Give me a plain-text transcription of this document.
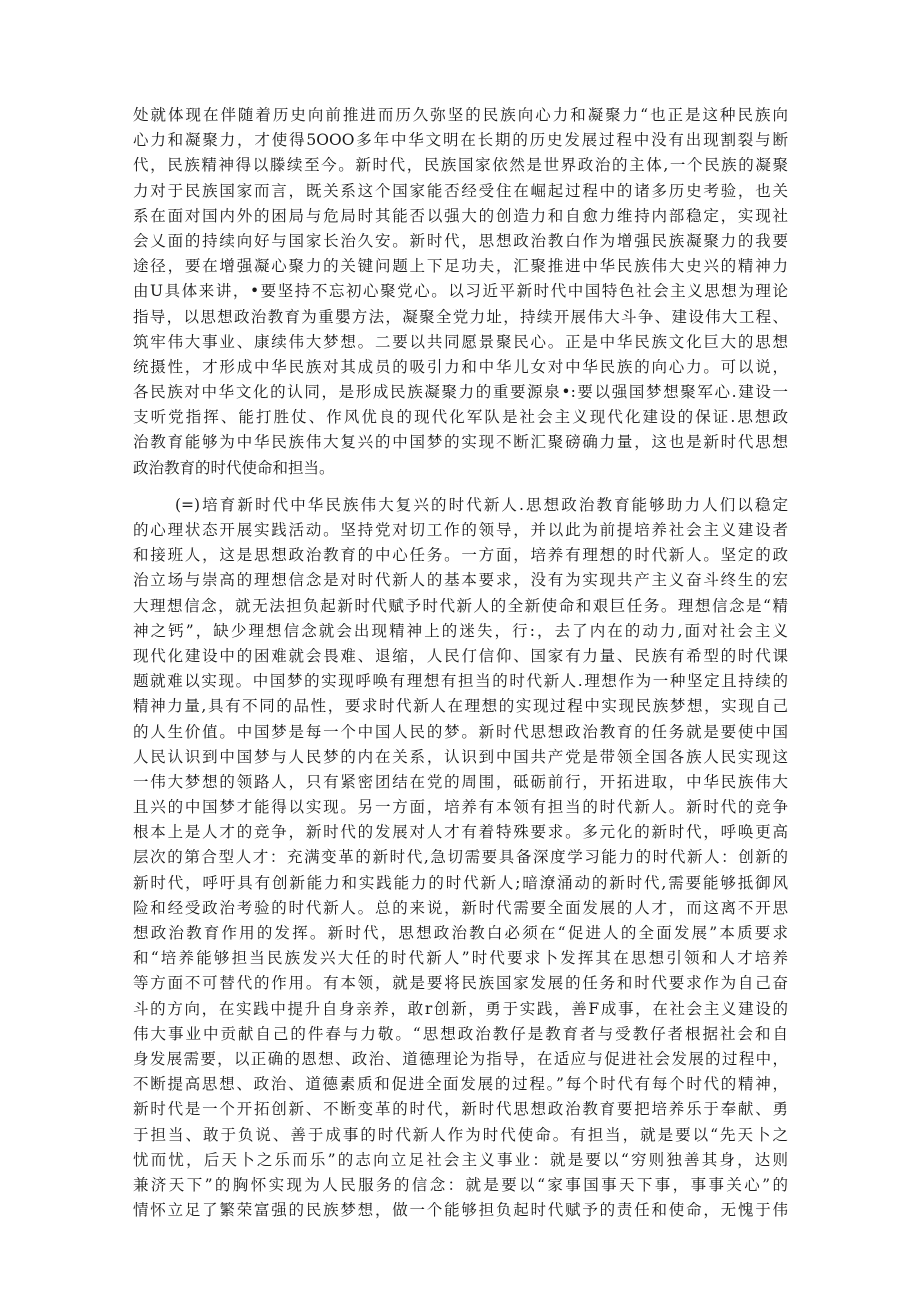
处就体现在伴随着历史向前推进而历久弥坚的民族向心力和凝聚力“也正是这种民族向
心力和凝聚力，才使得5OOO多年中华文明在长期的历史发展过程中没有出现割裂与断
代，民族精神得以滕续至今。新时代，民族国家依然是世界政治的主体,一个民族的凝聚
力对于民族国家而言，既关系这个国家能否经受住在崛起过程中的诸多历史考验，也关
系在面对国内外的困局与危局时其能否以强大的创造力和自愈力维持内部稳定，实现社
会乂面的持续向好与国家长治久安。新时代，思想政治教白作为增强民族凝聚力的我要
途径，要在增强凝心聚力的关键问题上下足功夫，汇聚推进中华民族伟大史兴的精神力
由U具体来讲，•要坚持不忘初心聚党心。以习近平新时代中国特色社会主义思想为理论
指导，以思想政治教育为重嬰方法，凝聚全党力址，持续开展伟大斗争、建设伟大工程、
筑牢伟大事业、康续伟大梦想。二要以共同愿景聚民心。正是中华民族文化巨大的思想
统摄性，才形成中华民族对其成员的吸引力和中华儿女对中华民族的向心力。可以说，
各民族对中华文化的认同，是形成民族凝聚力的重要源泉•:要以强国梦想聚军心.建设一
支听党指挥、能打胜仗、作风优良的现代化军队是社会主义现代化建设的保证.思想政
治教育能够为中华民族伟大复兴的中国梦的实现不断汇聚磅确力量，这也是新时代思想
政治教育的时代使命和担当。
(=)培育新时代中华民族伟大复兴的时代新人.思想政治教育能够助力人们以稳定
的心理状态开展实践活动。坚持党对切工作的领导，并以此为前提培养社会主义建设者
和接班人，这是思想政治教育的中心任务。一方面，培养有理想的时代新人。坚定的政
治立场与崇高的理想信念是对时代新人的基本要求，没有为实现共产主义奋斗终生的宏
大理想信念，就无法担负起新时代赋予时代新人的全新使命和艰巨任务。理想信念是“精
神之钙”，缺少理想信念就会出现精神上的迷失，行:，去了内在的动力,面对社会主义
现代化建设中的困难就会畏难、退缩，人民仃信仰、国家有力量、民族有希型的时代课
题就难以实现。中国梦的实现呼唤有理想有担当的时代新人.理想作为一种坚定且持续的
精神力量,具有不同的品性，要求时代新人在理想的实现过程中实现民族梦想，实现自己
的人生价值。中国梦是每一个中国人民的梦。新时代思想政治教育的任务就是要使中国
人民认识到中国梦与人民梦的内在关系，认识到中国共产党是带领全国各族人民实现这
一伟大梦想的领路人，只有紧密团结在党的周围，砥砺前行，开拓进取，中华民族伟大
且兴的中国梦才能得以实现。另一方面，培养有本领有担当的时代新人。新时代的竞争
根本上是人才的竞争，新时代的发展对人才有着特殊要求。多元化的新时代，呼唤更高
层次的第合型人才：充满变革的新时代,急切需要具备深度学习能力的时代新人：创新的
新时代，呼吁具有创新能力和实践能力的时代新人;暗潦涌动的新时代,需要能够抵御风
险和经受政治考验的时代新人。总的来说，新时代需要全面发展的人才，而这离不开思
想政治教育作用的发挥。新时代，思想政治教白必须在“促进人的全面发展”本质要求
和“培养能够担当民族发兴大任的时代新人”时代要求卜发挥其在思想引领和人才培养
等方面不可替代的作用。有本领，就是要将民族国家发展的任务和时代要求作为自己奋
斗的方向，在实践中提升自身亲养，敢r创新，勇于实践，善F成事，在社会主义建设的
伟大事业中贡献自己的件春与力敬。“思想政治教仔是教育者与受教仔者根据社会和自
身发展需要，以正确的恩想、政治、道德理论为指导，在适应与促进社会发展的过程中，
不断提高思想、政治、道德素质和促进全面发展的过程。”每个时代有每个时代的精神，
新时代是一个开拓创新、不断变革的时代，新时代思想政治教育要把培养乐于奉献、勇
于担当、敢于负说、善于成事的时代新人作为时代使命。有担当，就是要以“先天卜之
忧而忧，后天卜之乐而乐”的志向立足社会主义事业：就是要以“穷则独善其身，达则
兼济天下”的胸怀实现为人民服务的信念：就是要以“家事国事天下事，事事关心”的
情怀立足了繁荣富强的民族梦想，做一个能够担负起时代赋予的责任和使命，无愧于伟
